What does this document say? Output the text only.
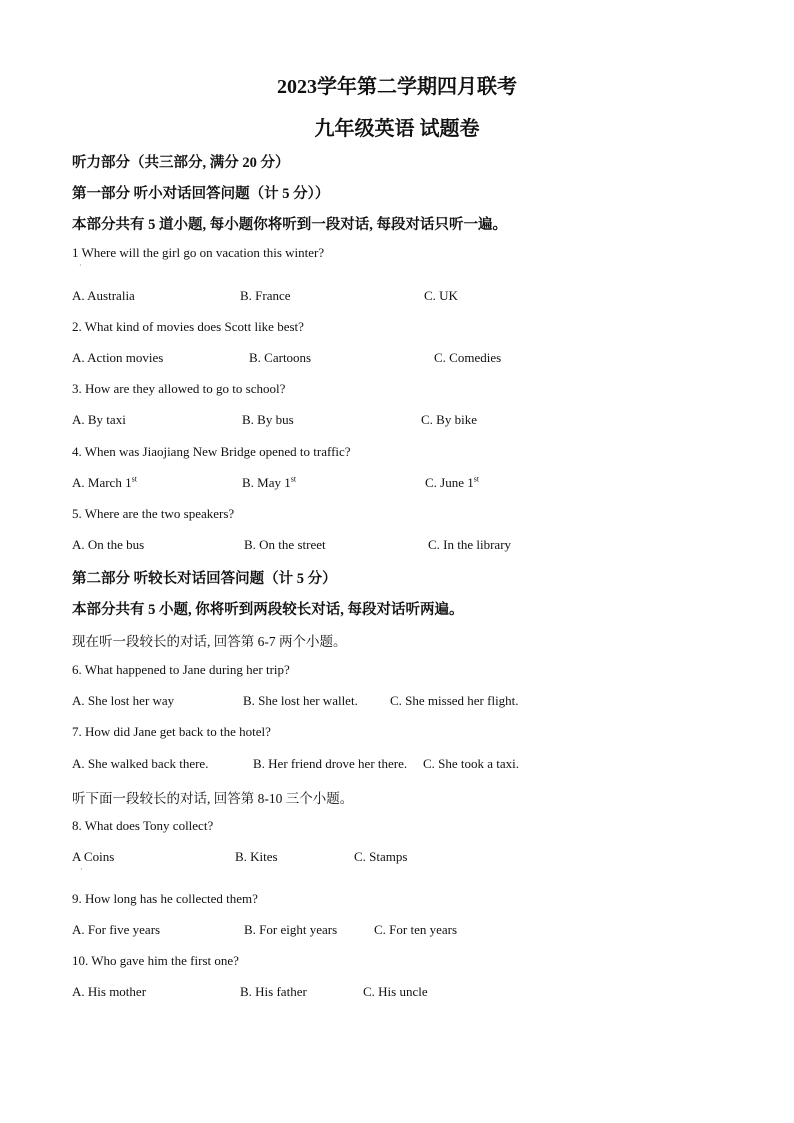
2023学年第二学期四月联考
九年级英语 试题卷
听力部分（共三部分, 满分 20 分）
第一部分 听小对话回答问题（计 5 分））
本部分共有 5 道小题, 每小题你将听到一段对话, 每段对话只听一遍。
1 Where will the girl go on vacation this winter?
·
A. Australia	B. France	C. UK
2. What kind of movies does Scott like best?
A. Action movies	B. Cartoons	C. Comedies
3. How are they allowed to go to school?
A. By taxi	B. By bus	C. By bike
4. When was Jiaojiang New Bridge opened to traffic?
A. March 1st	B. May 1st	C. June 1st
5. Where are the two speakers?
A. On the bus	B. On the street	C. In the library
第二部分 听较长对话回答问题（计 5 分）
本部分共有 5 小题, 你将听到两段较长对话, 每段对话听两遍。
现在听一段较长的对话, 回答第 6-7 两个小题。
6. What happened to Jane during her trip?
A. She lost her way	B. She lost her wallet. C. She missed her flight.
7. How did Jane get back to the hotel?
A. She walked back there.	B. Her friend drove her there. C. She took a taxi.
听下面一段较长的对话, 回答第 8-10 三个小题。
8. What does Tony collect?
A Coins
·
B. Kites	C. Stamps
9. How long has he collected them?
A. For five years	B. For eight years	C. For ten years
10. Who gave him the first one?
A. His mother	B. His father	C. His uncle
